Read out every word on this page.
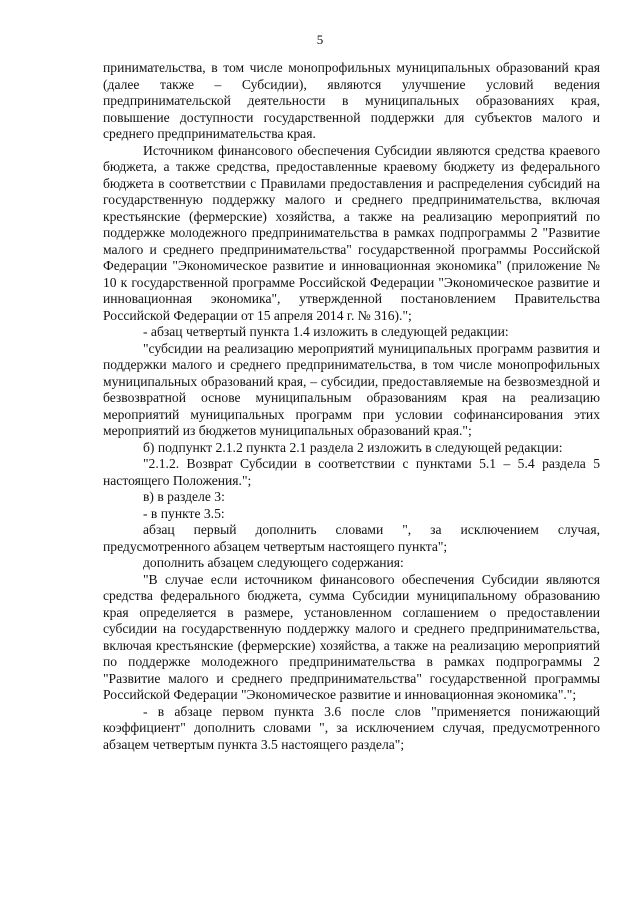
5

принимательства, в том числе монопрофильных муниципальных образований края (далее также – Субсидии), являются улучшение условий ведения предпринимательской деятельности в муниципальных образованиях края, повышение доступности государственной поддержки для субъектов малого и среднего предпринимательства края.

Источником финансового обеспечения Субсидии являются средства краевого бюджета, а также средства, предоставленные краевому бюджету из федерального бюджета в соответствии с Правилами предоставления и распределения субсидий на государственную поддержку малого и среднего предпринимательства, включая крестьянские (фермерские) хозяйства, а также на реализацию мероприятий по поддержке молодежного предпринимательства в рамках подпрограммы 2 "Развитие малого и среднего предпринимательства" государственной программы Российской Федерации "Экономическое развитие и инновационная экономика" (приложение № 10 к государственной программе Российской Федерации "Экономическое развитие и инновационная экономика", утвержденной постановлением Правительства Российской Федерации от 15 апреля 2014 г. № 316).";

- абзац четвертый пункта 1.4 изложить в следующей редакции:

"субсидии на реализацию мероприятий муниципальных программ развития и поддержки малого и среднего предпринимательства, в том числе монопрофильных муниципальных образований края, – субсидии, предоставляемые на безвозмездной и безвозвратной основе муниципальным образованиям края на реализацию мероприятий муниципальных программ при условии софинансирования этих мероприятий из бюджетов муниципальных образований края.";

б) подпункт 2.1.2 пункта 2.1 раздела 2 изложить в следующей редакции:

"2.1.2. Возврат Субсидии в соответствии с пунктами 5.1 – 5.4 раздела 5 настоящего Положения.";

в) в разделе 3:

- в пункте 3.5:

абзац первый дополнить словами ", за исключением случая, предусмотренного абзацем четвертым настоящего пункта";

дополнить абзацем следующего содержания:

"В случае если источником финансового обеспечения Субсидии являются средства федерального бюджета, сумма Субсидии муниципальному образованию края определяется в размере, установленном соглашением о предоставлении субсидии на государственную поддержку малого и среднего предпринимательства, включая крестьянские (фермерские) хозяйства, а также на реализацию мероприятий по поддержке молодежного предпринимательства в рамках подпрограммы 2 "Развитие малого и среднего предпринимательства" государственной программы Российской Федерации "Экономическое развитие и инновационная экономика".";

- в абзаце первом пункта 3.6 после слов "применяется понижающий коэффициент" дополнить словами ", за исключением случая, предусмотренного абзацем четвертым пункта 3.5 настоящего раздела";
